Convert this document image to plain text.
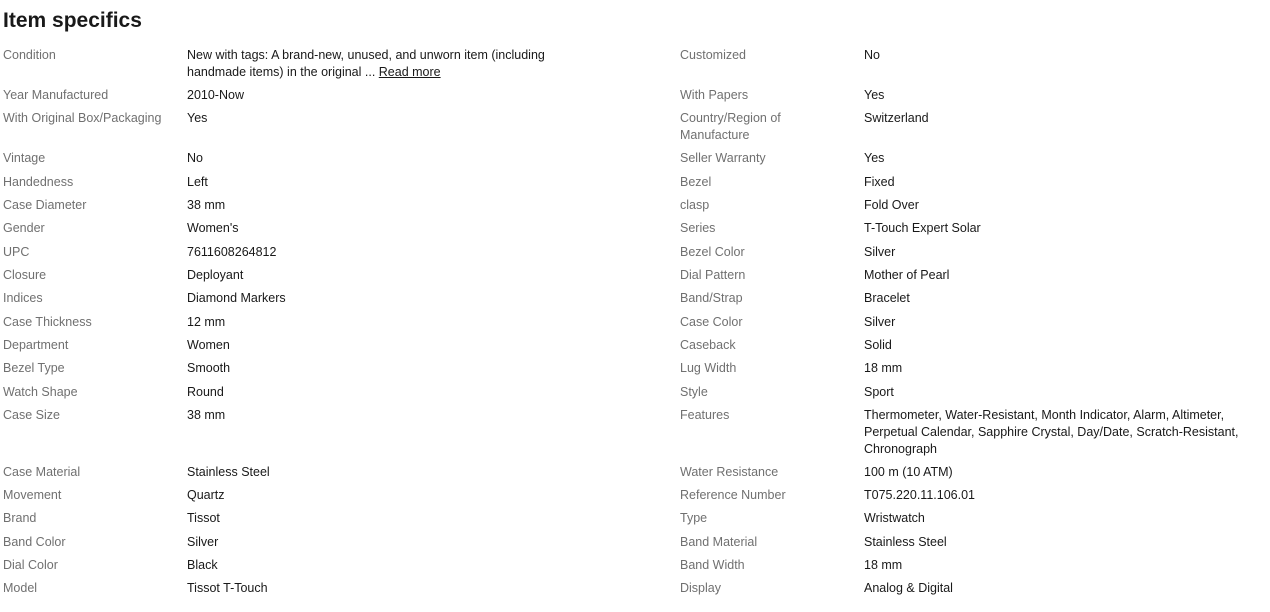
Item specifics
Condition	New with tags: A brand-new, unused, and unworn item (including handmade items) in the original ... Read more
Year Manufactured	2010-Now
With Original Box/Packaging	Yes
Vintage	No
Handedness	Left
Case Diameter	38 mm
Gender	Women's
UPC	7611608264812
Closure	Deployant
Indices	Diamond Markers
Case Thickness	12 mm
Department	Women
Bezel Type	Smooth
Watch Shape	Round
Case Size	38 mm
Case Material	Stainless Steel
Movement	Quartz
Brand	Tissot
Band Color	Silver
Dial Color	Black
Model	Tissot T-Touch
Customized	No
With Papers	Yes
Country/Region of Manufacture
Switzerland
Seller Warranty	Yes
Bezel	Fixed
clasp	Fold Over
Series	T-Touch Expert Solar
Bezel Color	Silver
Dial Pattern	Mother of Pearl
Band/Strap	Bracelet
Case Color	Silver
Caseback	Solid
Lug Width	18 mm
Style	Sport
Features	Thermometer, Water-Resistant, Month Indicator, Alarm, Altimeter, Perpetual Calendar, Sapphire Crystal, Day/Date, Scratch-Resistant, Chronograph
Water Resistance	100 m (10 ATM)
Reference Number	T075.220.11.106.01
Type	Wristwatch
Band Material	Stainless Steel
Band Width	18 mm
Display	Analog & Digital
